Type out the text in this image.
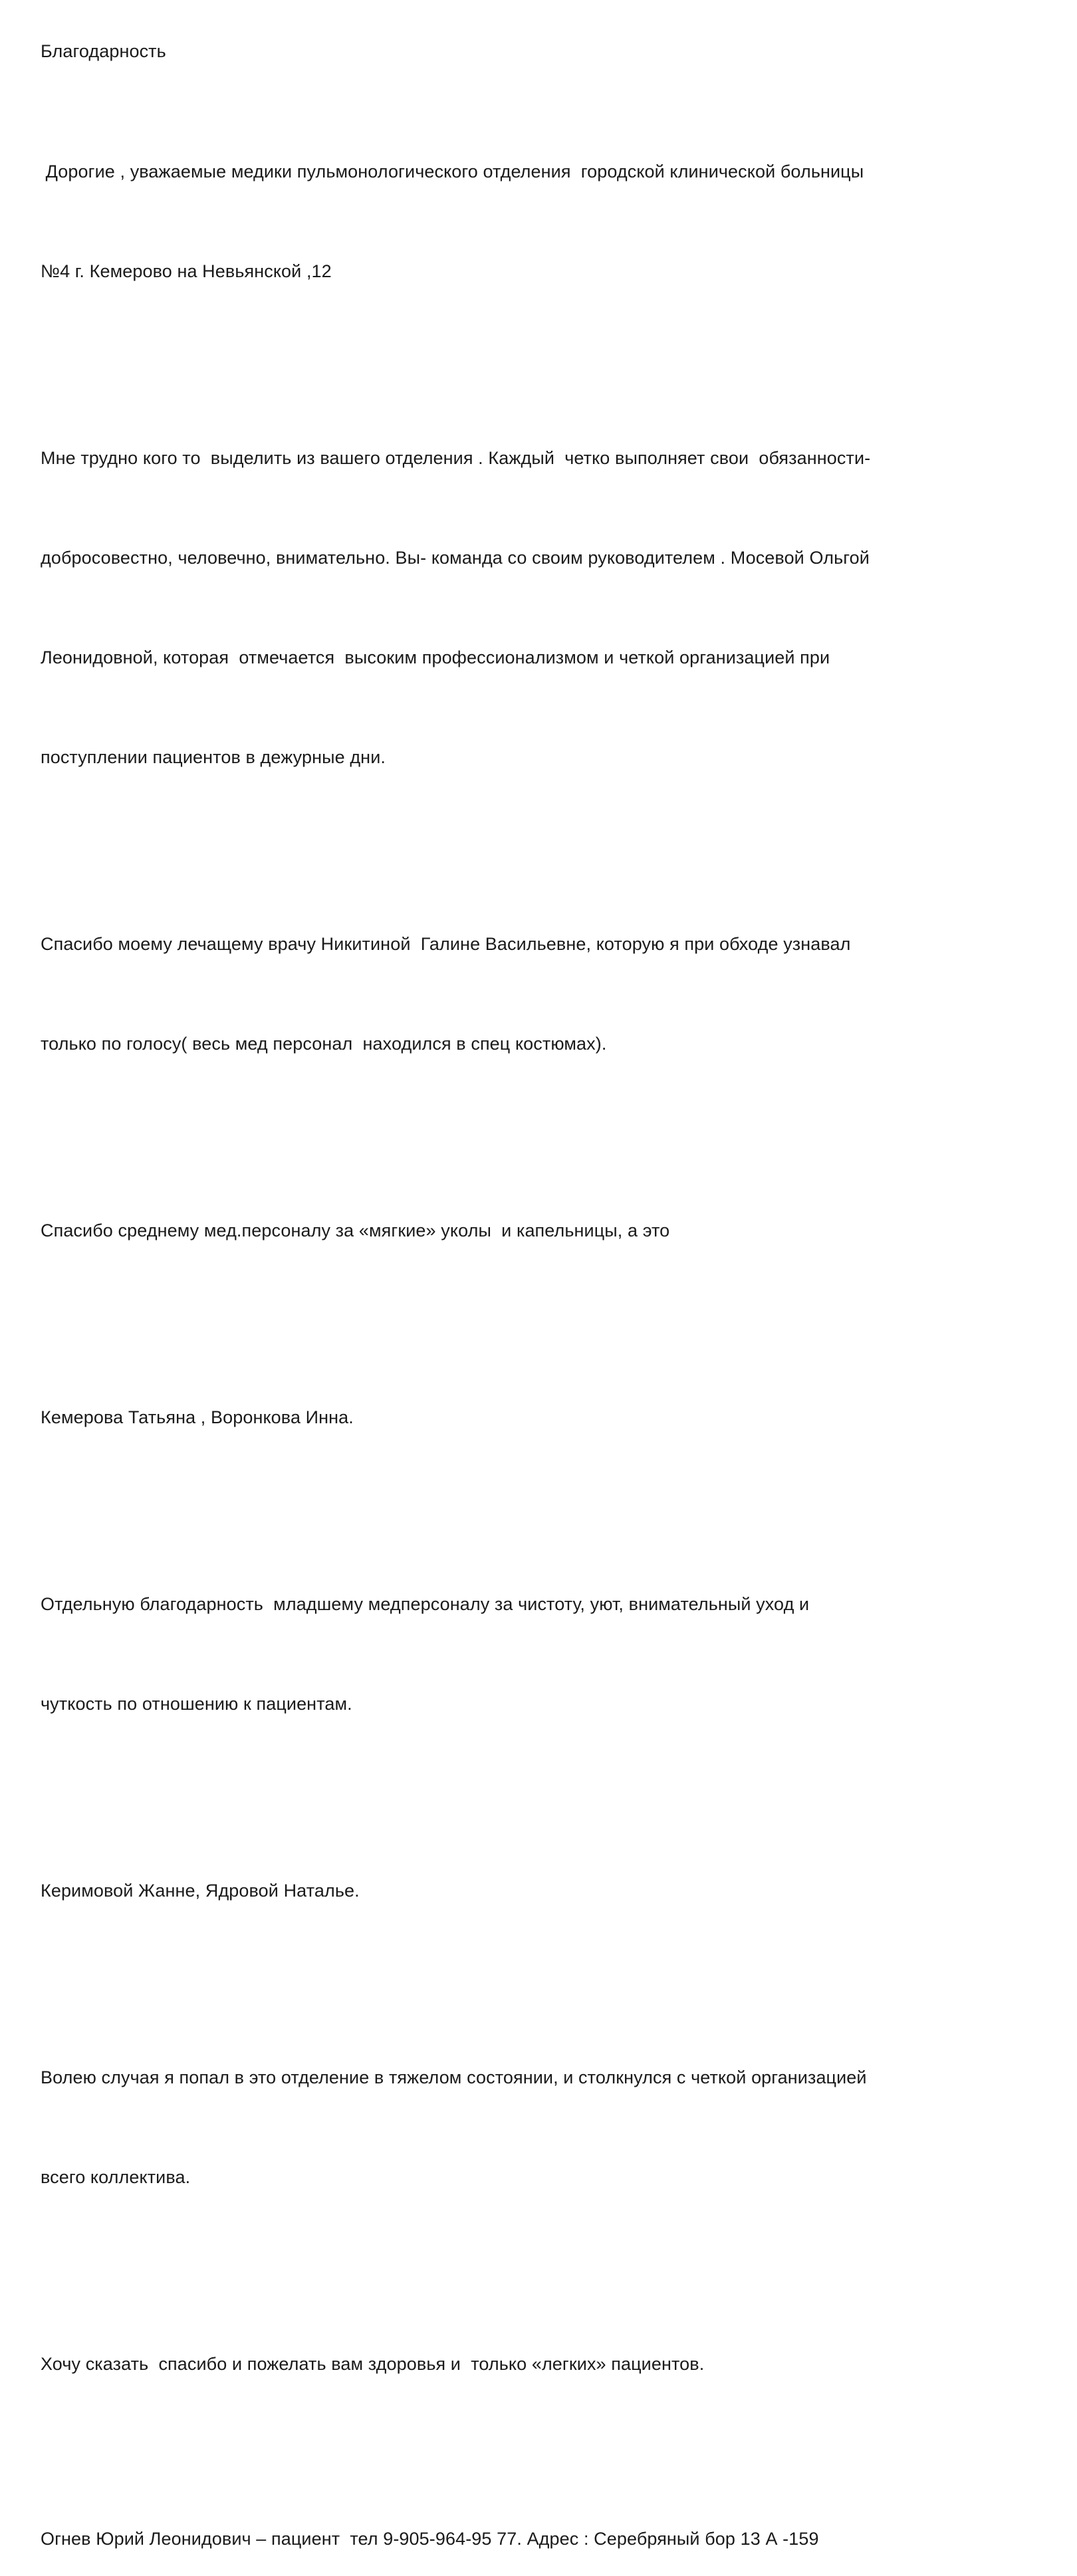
Благодарность

Дорогие , уважаемые медики пульмонологического отделения  городской клинической больницы

№4 г. Кемерово на Невьянской ,12

Мне трудно кого то  выделить из вашего отделения . Каждый  четко выполняет свои  обязанности-

добросовестно, человечно, внимательно. Вы- команда со своим руководителем . Мосевой Ольгой

Леонидовной, которая  отмечается  высоким профессионализмом и четкой организацией при

поступлении пациентов в дежурные дни.

Спасибо моему лечащему врачу Никитиной  Галине Васильевне, которую я при обходе узнавал

только по голосу( весь мед персонал  находился в спец костюмах).

Спасибо среднему мед.персоналу за «мягкие» уколы  и капельницы, а это

Кемерова Татьяна , Воронкова Инна.

Отдельную благодарность  младшему медперсоналу за чистоту, уют, внимательный уход и

чуткость по отношению к пациентам.

Керимовой Жанне, Ядровой Наталье.

Волею случая я попал в это отделение в тяжелом состоянии, и столкнулся с четкой организацией

всего коллектива.

Хочу сказать  спасибо и пожелать вам здоровья и  только «легких» пациентов.

Огнев Юрий Леонидович – пациент  тел 9-905-964-95 77. Адрес : Серебряный бор 13 А -159
